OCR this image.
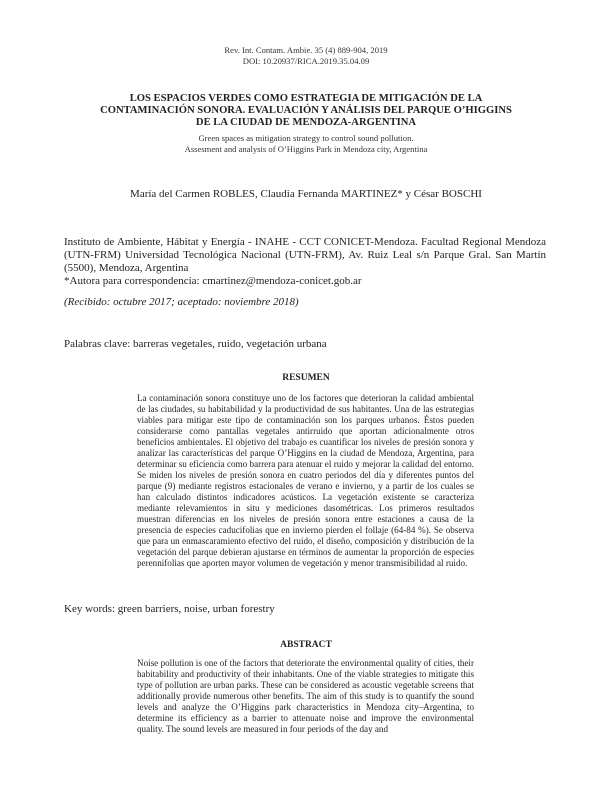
Rev. Int. Contam. Ambie. 35 (4) 889-904, 2019
DOI: 10.20937/RICA.2019.35.04.09
LOS ESPACIOS VERDES COMO ESTRATEGIA DE MITIGACIÓN DE LA CONTAMINACIÓN SONORA. EVALUACIÓN Y ANÁLISIS DEL PARQUE O’HIGGINS DE LA CIUDAD DE MENDOZA-ARGENTINA
Green spaces as mitigation strategy to control sound pollution.
Assesment and analysis of O’Higgins Park in Mendoza city, Argentina
María del Carmen ROBLES, Claudia Fernanda MARTINEZ* y César BOSCHI

Instituto de Ambiente, Hábitat y Energía - INAHE - CCT CONICET-Mendoza. Facultad Regional Mendoza (UTN-FRM) Universidad Tecnológica Nacional (UTN-FRM), Av. Ruiz Leal s/n Parque Gral. San Martín (5500), Mendoza, Argentina

*Autora para correspondencia: cmartinez@mendoza-conicet.gob.ar

(Recibido: octubre 2017; aceptado: noviembre 2018)
Palabras clave: barreras vegetales, ruido, vegetación urbana
RESUMEN
La contaminación sonora constituye uno de los factores que deterioran la calidad ambiental de las ciudades, su habitabilidad y la productividad de sus habitantes. Una de las estrategias viables para mitigar este tipo de contaminación son los parques urbanos. Éstos pueden considerarse como pantallas vegetales antirruido que aportan adicionalmente otros beneficios ambientales. El objetivo del trabajo es cuantificar los niveles de presión sonora y analizar las características del parque O’Higgins en la ciudad de Mendoza, Argentina, para determinar su eficiencia como barrera para atenuar el ruido y mejorar la calidad del entorno. Se miden los niveles de presión sonora en cuatro periodos del día y diferentes puntos del parque (9) mediante registros estacionales de verano e invierno, y a partir de los cuales se han calculado distintos indicadores acústicos. La vegetación existente se caracteriza mediante relevamientos in situ y mediciones dasométricas. Los primeros resultados muestran diferencias en los niveles de presión sonora entre estaciones a causa de la presencia de especies caducifolias que en invierno pierden el follaje (64-84 %). Se observa que para un enmascaramiento efectivo del ruido, el diseño, composición y distribución de la vegetación del parque debieran ajustarse en términos de aumentar la proporción de especies perennifolias que aporten mayor volumen de vegetación y menor transmisibilidad al ruido.
Key words: green barriers, noise, urban forestry
ABSTRACT
Noise pollution is one of the factors that deteriorate the environmental quality of cities, their habitability and productivity of their inhabitants. One of the viable strategies to mitigate this type of pollution are urban parks. These can be considered as acoustic vegetable screens that additionally provide numerous other benefits. The aim of this study is to quantify the sound levels and analyze the O’Higgins park characteristics in Mendoza city–Argentina, to determine its efficiency as a barrier to attenuate noise and improve the environmental quality. The sound levels are measured in four periods of the day and
